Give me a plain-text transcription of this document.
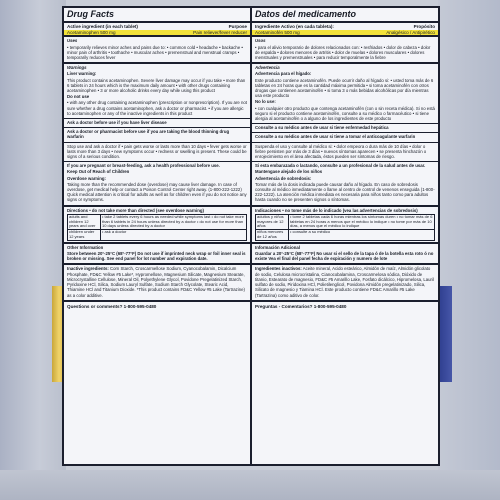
Drug Facts
Active ingredient (in each tablet)	Purpose
Acetaminophen 500 mg	Pain reliever/fever reducer
Uses
• temporarily relieves minor aches and pains due to: • common cold • headache • backache • minor pain of arthritis • toothache • muscular aches • premenstrual and menstrual cramps • temporarily reduces fever
Warnings
Liver warning:
This product contains acetaminophen. Severe liver damage may occur if you take • more than 6 tablets in 24 hours which is the maximum daily amount • with other drugs containing acetaminophen • 3 or more alcoholic drinks every day while using this product
Do not use
• with any other drug containing acetaminophen (prescription or nonprescription). If you are not sure whether a drug contains acetaminophen, ask a doctor or pharmacist. • if you are allergic to acetaminophen or any of the inactive ingredients in this product
Ask a doctor before use if you have liver disease
Ask a doctor or pharmacist before use if you are taking the blood thinning drug warfarin
Stop use and ask a doctor if • pain gets worse or lasts more than 10 days • fever gets worse or lasts more than 3 days • new symptoms occur • redness or swelling is present. These could be signs of a serious condition.
If you are pregnant or breast-feeding, ask a health professional before use.
Keep Out of Reach of Children
Overdose warning:
Taking more than the recommended dose (overdose) may cause liver damage. In case of overdose, get medical help or contact a Poison Control Center right away. (1-800-222-1222) Quick medical attention is critical for adults as well as for children even if you do not notice any signs or symptoms.
Directions • do not take more than directed (see overdose warning)
adults and children 12 years and over	• take 2 tablets every 6 hours as needed while symptoms last • do not take more than 6 tablets in 24 hours unless directed by a doctor • do not use for more than 10 days unless directed by a doctor
children under 12 years	• ask a doctor
Other Information
Store between 20°-25°C (68°-77°F) Do not use if imprinted neck wrap or foil inner seal is broken or missing. See end panel for lot number and expiration date.
Inactive ingredients: Corn Starch, Croscarmellose Sodium, Cyanocobalamin, Dicalcium Phosphate, FD&C Yellow #5 Lake*, Hypromellose, Magnesium Silicate, Magnesium Stearate, Microcrystalline Cellulose, Mineral Oil, Polyethylene Glycol, Povidone Pregelatinized Starch, Pyridoxine HCl, Silica, Sodium Lauryl Sulfate, Sodium Starch Glycolate, Stearic Acid, Thiamine HCl and Titanium Dioxide. *This product contains FD&C Yellow #5 Lake (Tartrazine) as a color additive.
Questions or comments? 1-800-595-0480
Datos del medicamento
Ingrediente Activo (en cada tableta):	Propósito
Acetaminofén 500 mg	Analgésico / Antipirético
Usos
• para el alivio temporario de dolores relacionados con: • resfriados • dolor de cabeza • dolor de espalda • dolores menores de artritis • dolor de muelas • dolores musculares • dolores menstruales y premenstruales • para reducir temporalmente la fiebre
Advertencia
Advertencia para el hígado:
Este producto contiene acetaminofén. Puede ocurrir daño al hígado si: • usted toma más de 6 tabletas en 24 horas que es la cantidad máxima permitida • si toma acetaminofén con otros drogas que contienen acetaminofén • si toma 3 o más bebidas alcohólicas por día mientras usa este producto
No lo use:
• con cualquier otro producto que contenga acetaminofén (con o sin receta médica). Si no está seguro si el producto contiene acetaminofén, consulte a su médico o farmacéutico • si tiene alergia al acetaminofén o a alguno de los ingredientes de este producto
Consulte a su médico antes de usar si tiene enfermedad hepática
Consulte a su médico antes de usar si tiene a tomar el anticoagulante warfarin
Suspenda el uso y consulte al médico si: • dolor empeora o dura más de 10 días • dolor o fiebre persisten por más de 3 días • nuevos síntomas aparecen • se presenta hinchazón o enrojecimiento en el área afectada, éstos pueden ser síntomas de riesgo.
Si esta embarazada o lactando, consulte a un profesional de la salud antes de usar.
Mantengase alejado de los niños
Advertencia de sobredosis:
Tomar más de la dosis indicada puede causar daño al hígado. En caso de sobredosis consulte al médico inmediatamente o llame al centro de control de venenos enseguida (1-800-222-1222). La atención médica inmediata es necesaria para niños tanto como para adultos hasta cuando no se presenten signos o síntomas.
Indicaciones • no tome más de lo indicado (vea las advertencias de sobredosis)
adultos y niños mayores de 12 años	• tome 2 tabletas cada 6 horas mientras los síntomas duren • no tomar más de 6 tabletas en 24 horas a menos que el médico lo indique • no tome por más de 10 días, a menos que el médico lo indique
niños menores de 12 años	• consulte a su médico
Información Adicional
Guardar a 20°-25°C (68°-77°F) No usar si el sello de la tapa ó de la botella esta roto ó no existe Vea el final del panel fecha de expiración y numero de lote
Ingredientes inactivos: Aceite mineral, Acido esteárico, Almidón de maíz, Almidón glicolato de sodio, Celulosa microcristalina, Cianocobalamina, Croscarmelosa sódica, Dióxido de titanio, Estearato de magnesio, FD&C #5 Amarillo Lake, Fosfato dicálcico, Hipromelosa, Lauril sulfato de sodio, Piridoxina HCl, Polietilenglicol, Povidona Almidón pregelatinizado, Silica, Silicato de magnesio y Tiamina HCl. Este producto contiene FD&C Amarillo #5 Lake (Tartrazina) como aditivo de color.
Preguntas - Comentarios? 1-800-595-0480
